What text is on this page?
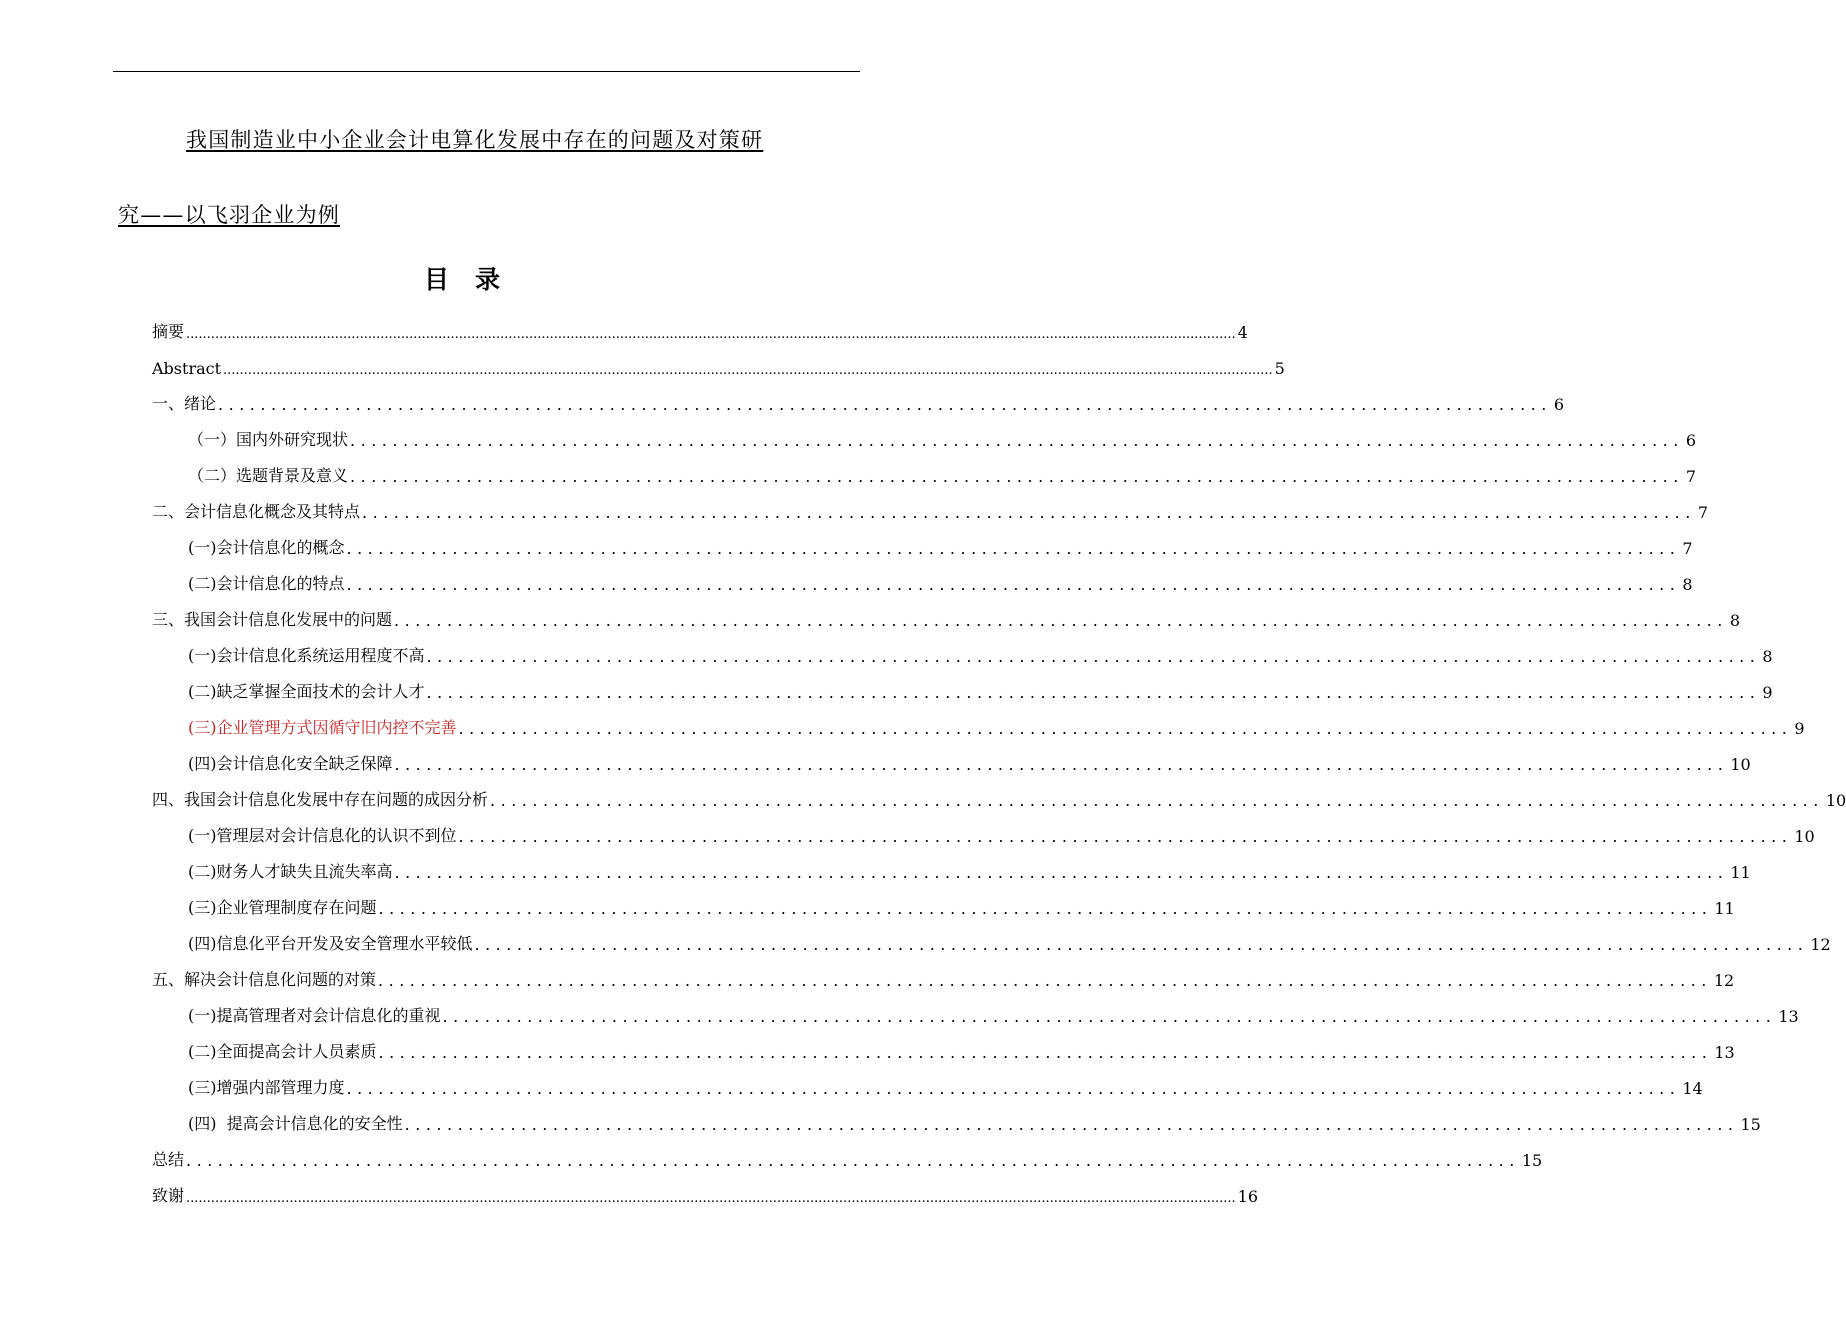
我国制造业中小企业会计电算化发展中存在的问题及对策研
究——以飞羽企业为例
目录
摘要 .............................................................................................................................................................................................................................................................. 4
Abstract .............................................................................................................................................................................................................................................................. 5
一、绪论 .............................................................................................................................. 6
（一）国内外研究现状 .............................................................................................................................. 6
（二）选题背景及意义 .............................................................................................................................. 7
二、会计信息化概念及其特点 .............................................................................................................................. 7
(一)会计信息化的概念 .............................................................................................................................. 7
(二)会计信息化的特点 .............................................................................................................................. 8
三、我国会计信息化发展中的问题 .............................................................................................................................. 8
(一)会计信息化系统运用程度不高 .............................................................................................................................. 8
(二)缺乏掌握全面技术的会计人才 .............................................................................................................................. 9
(三)企业管理方式因循守旧内控不完善 .............................................................................................................................. 9
(四)会计信息化安全缺乏保障 .............................................................................................................................. 10
四、我国会计信息化发展中存在问题的成因分析 .............................................................................................................................. 10
(一)管理层对会计信息化的认识不到位 .............................................................................................................................. 10
(二)财务人才缺失且流失率高 .............................................................................................................................. 11
(三)企业管理制度存在问题 .............................................................................................................................. 11
(四)信息化平台开发及安全管理水平较低 .............................................................................................................................. 12
五、解决会计信息化问题的对策 .............................................................................................................................. 12
(一)提高管理者对会计信息化的重视 .............................................................................................................................. 13
(二)全面提高会计人员素质 .............................................................................................................................. 13
(三)增强内部管理力度 .............................................................................................................................. 14
(四)  提高会计信息化的安全性 .............................................................................................................................. 15
总结 .............................................................................................................................. 15
致谢 .............................................................................................................................................................................................................................................................. 16
